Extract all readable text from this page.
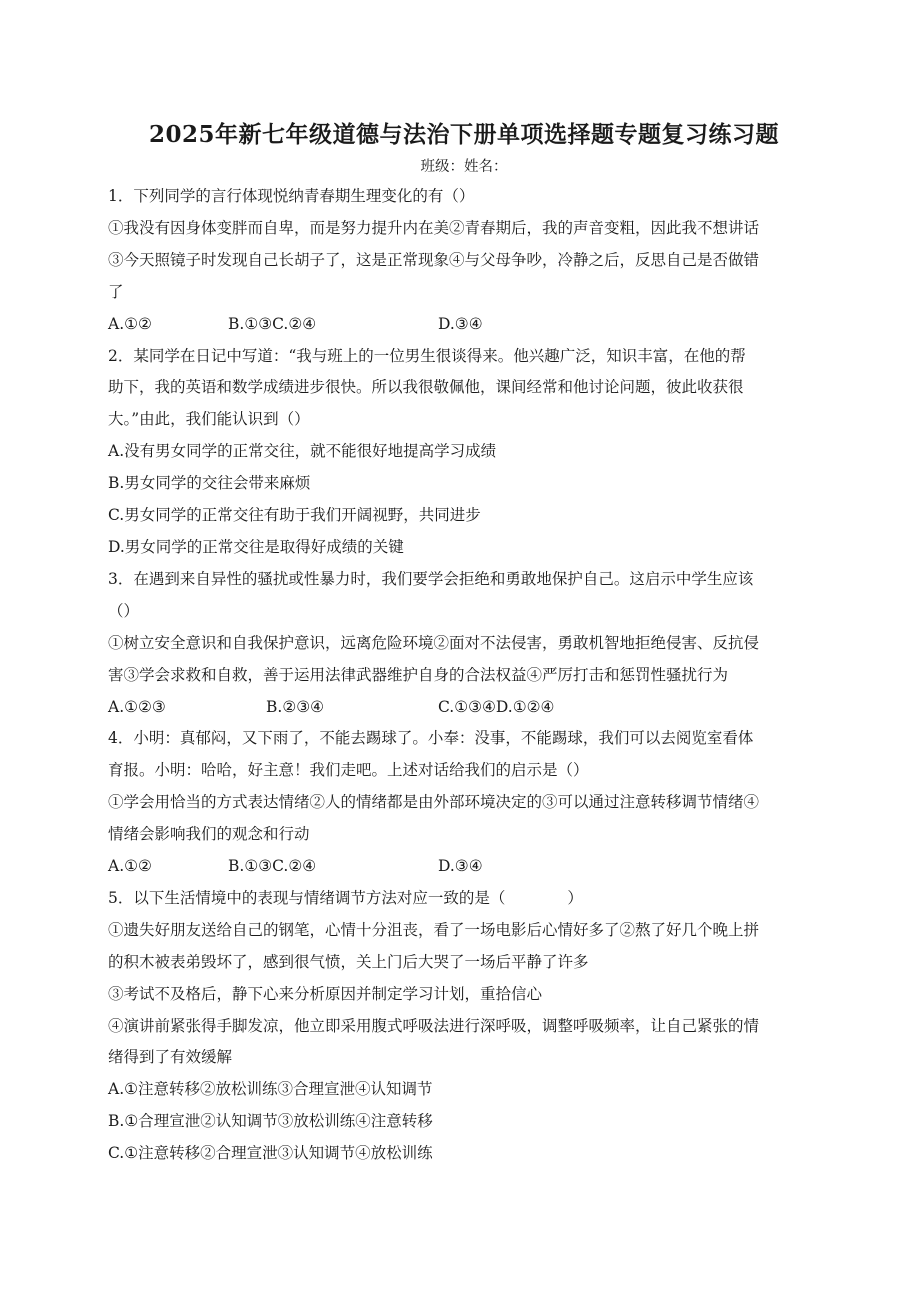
2025年新七年级道德与法治下册单项选择题专题复习练习题

班级：姓名：

1．下列同学的言行体现悦纳青春期生理变化的有（）

①我没有因身体变胖而自卑，而是努力提升内在美②青春期后，我的声音变粗，因此我不想讲话

③今天照镜子时发现自己长胡子了，这是正常现象④与父母争吵，冷静之后，反思自己是否做错

了

A.①②	B.①③C.②④	D.③④

2．某同学在日记中写道：“我与班上的一位男生很谈得来。他兴趣广泛，知识丰富，在他的帮

助下，我的英语和数学成绩进步很快。所以我很敬佩他，课间经常和他讨论问题，彼此收获很

大。”由此，我们能认识到（）

A.没有男女同学的正常交往，就不能很好地提高学习成绩

B.男女同学的交往会带来麻烦

C.男女同学的正常交往有助于我们开阔视野，共同进步

D.男女同学的正常交往是取得好成绩的关键

3．在遇到来自异性的骚扰或性暴力时，我们要学会拒绝和勇敢地保护自己。这启示中学生应该

（）

①树立安全意识和自我保护意识，远离危险环境②面对不法侵害，勇敢机智地拒绝侵害、反抗侵

害③学会求救和自救，善于运用法律武器维护自身的合法权益④严厉打击和惩罚性骚扰行为

A.①②③	B.②③④	C.①③④D.①②④

4．小明：真郁闷，又下雨了，不能去踢球了。小奉：没事，不能踢球，我们可以去阅览室看体

育报。小明：哈哈，好主意！我们走吧。上述对话给我们的启示是（）

①学会用恰当的方式表达情绪②人的情绪都是由外部环境决定的③可以通过注意转移调节情绪④

情绪会影响我们的观念和行动

A.①②	B.①③C.②④	D.③④

5．以下生活情境中的表现与情绪调节方法对应一致的是（　　　　）

①遗失好朋友送给自己的钢笔，心情十分沮丧，看了一场电影后心情好多了②熬了好几个晚上拼

的积木被表弟毁坏了，感到很气愤，关上门后大哭了一场后平静了许多

③考试不及格后，静下心来分析原因并制定学习计划，重拾信心

④演讲前紧张得手脚发凉，他立即采用腹式呼吸法进行深呼吸，调整呼吸频率，让自己紧张的情

绪得到了有效缓解

A.①注意转移②放松训练③合理宣泄④认知调节

B.①合理宣泄②认知调节③放松训练④注意转移

C.①注意转移②合理宣泄③认知调节④放松训练
